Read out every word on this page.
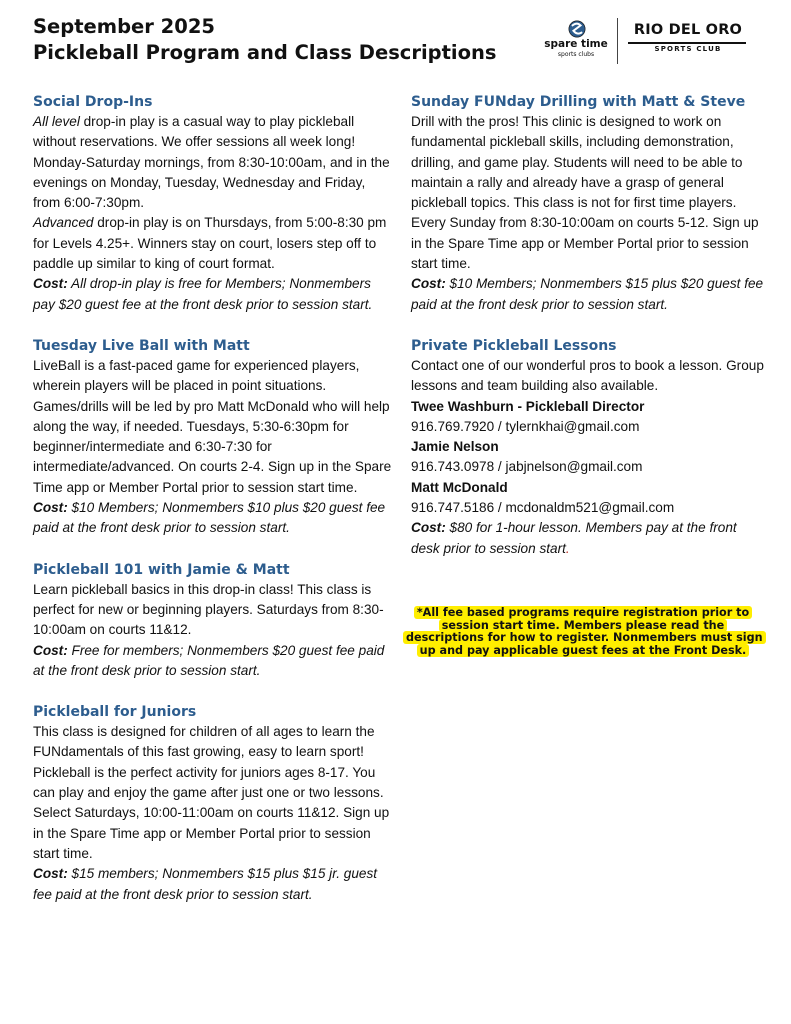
September 2025
Pickleball Program and Class Descriptions	spare time
sports clubs
RIO DEL ORO
SPORTS CLUB
Social Drop-Ins
All level drop-in play is a casual way to play pickleball without reservations. We offer sessions all week long! Monday-Saturday mornings, from 8:30-10:00am, and in the evenings on Monday, Tuesday, Wednesday and Friday, from 6:00-7:30pm.
Advanced drop-in play is on Thursdays, from 5:00-8:30 pm for Levels 4.25+. Winners stay on court, losers step off to paddle up similar to king of court format.
Cost: All drop-in play is free for Members; Nonmembers pay $20 guest fee at the front desk prior to session start.
Tuesday Live Ball with Matt
LiveBall is a fast-paced game for experienced players, wherein players will be placed in point situations. Games/drills will be led by pro Matt McDonald who will help along the way, if needed. Tuesdays, 5:30-6:30pm for beginner/intermediate and 6:30-7:30 for intermediate/advanced. On courts 2-4. Sign up in the Spare Time app or Member Portal prior to session start time.
Cost: $10 Members; Nonmembers $10 plus $20 guest fee paid at the front desk prior to session start.
Pickleball 101 with Jamie & Matt
Learn pickleball basics in this drop-in class! This class is perfect for new or beginning players. Saturdays from 8:30-10:00am on courts 11&12.
Cost: Free for members; Nonmembers $20 guest fee paid at the front desk prior to session start.
Pickleball for Juniors
This class is designed for children of all ages to learn the FUNdamentals of this fast growing, easy to learn sport! Pickleball is the perfect activity for juniors ages 8-17. You can play and enjoy the game after just one or two lessons. Select Saturdays, 10:00-11:00am on courts 11&12. Sign up in the Spare Time app or Member Portal prior to session start time.
Cost: $15 members; Nonmembers $15 plus $15 jr. guest fee paid at the front desk prior to session start.
Sunday FUNday Drilling with Matt & Steve
Drill with the pros! This clinic is designed to work on fundamental pickleball skills, including demonstration, drilling, and game play. Students will need to be able to maintain a rally and already have a grasp of general pickleball topics. This class is not for first time players.
Every Sunday from 8:30-10:00am on courts 5-12. Sign up in the Spare Time app or Member Portal prior to session start time.
Cost: $10 Members; Nonmembers $15 plus $20 guest fee paid at the front desk prior to session start.
Private Pickleball Lessons
Contact one of our wonderful pros to book a lesson. Group lessons and team building also available.
Twee Washburn - Pickleball Director
916.769.7920 / tylernkhai@gmail.com
Jamie Nelson
916.743.0978 / jabjnelson@gmail.com
Matt McDonald
916.747.5186 / mcdonaldm521@gmail.com
Cost: $80 for 1-hour lesson. Members pay at the front desk prior to session start.
*All fee based programs require registration prior to session start time. Members please read the descriptions for how to register. Nonmembers must sign up and pay applicable guest fees at the Front Desk.
